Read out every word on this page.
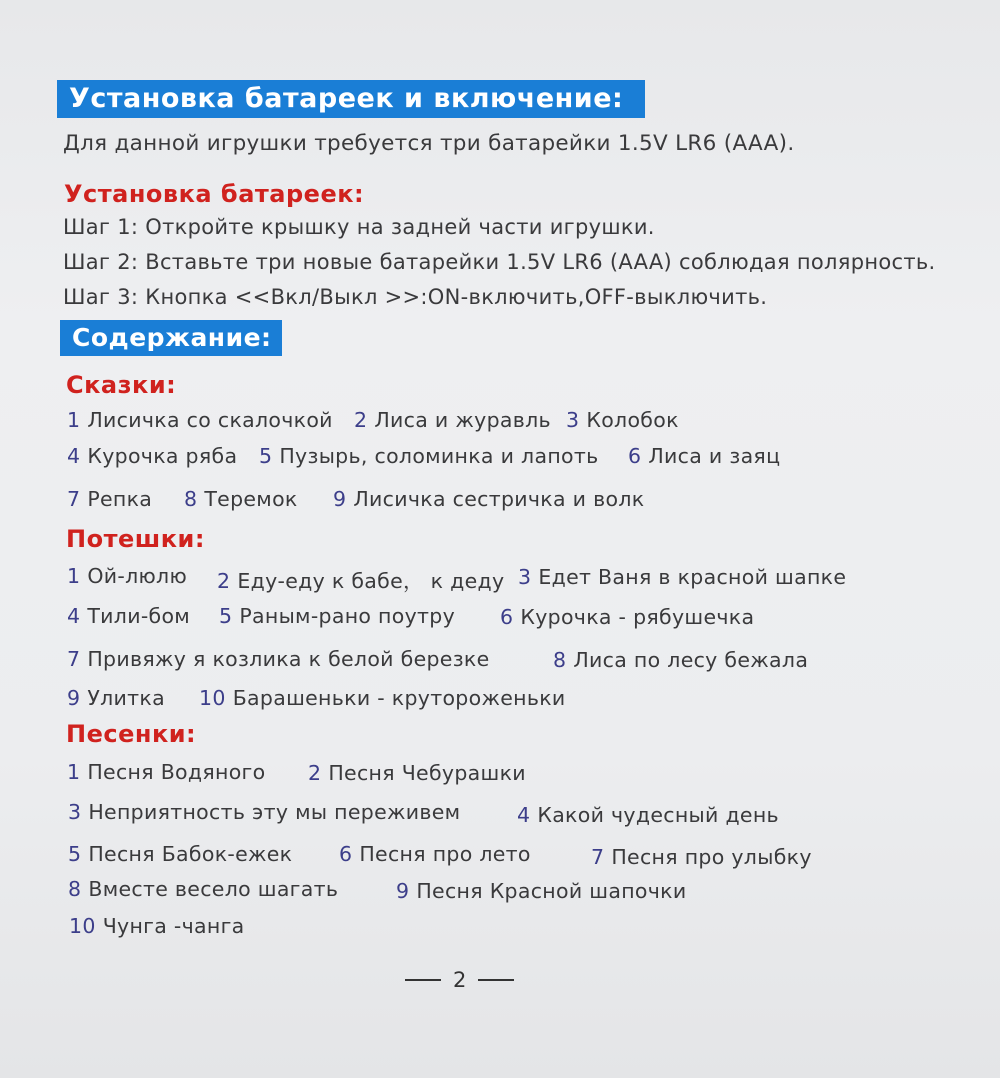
Установка батареек и включение:
Для данной игрушки требуется три батарейки 1.5V LR6 (AAA).
Установка батареек:
Шаг 1: Откройте крышку на задней части игрушки.
Шаг 2: Вставьте три новые батарейки 1.5V LR6 (AAA) соблюдая полярность.
Шаг 3: Кнопка <<Вкл/Выкл >>:ON-включить,OFF-выключить.
Содержание:
Сказки:
1 Лисичка со скалочкой 2 Лиса и журавль 3 Колобок
4 Курочка ряба 5 Пузырь, соломинка и лапоть 6 Лиса и заяц
7 Репка 8 Теремок 9 Лисичка сестричка и волк
Потешки:
1 Ой-люлю 2 Еду-еду к бабе， к деду 3 Едет Ваня в красной шапке
4 Тили-бом 5 Раным-рано поутру 6 Курочка - рябушечка
7 Привяжу я козлика к белой березке	8 Лиса по лесу бежала
9 Улитка 10 Барашеньки - крутороженьки
Песенки:
1 Песня Водяного 2 Песня Чебурашки
3 Неприятность эту мы переживем	4 Какой чудесный день
5 Песня Бабок-ежек 6 Песня про лето	7 Песня про улыбку
8 Вместе весело шагать	9 Песня Красной шапочки
10 Чунга -чанга
2
